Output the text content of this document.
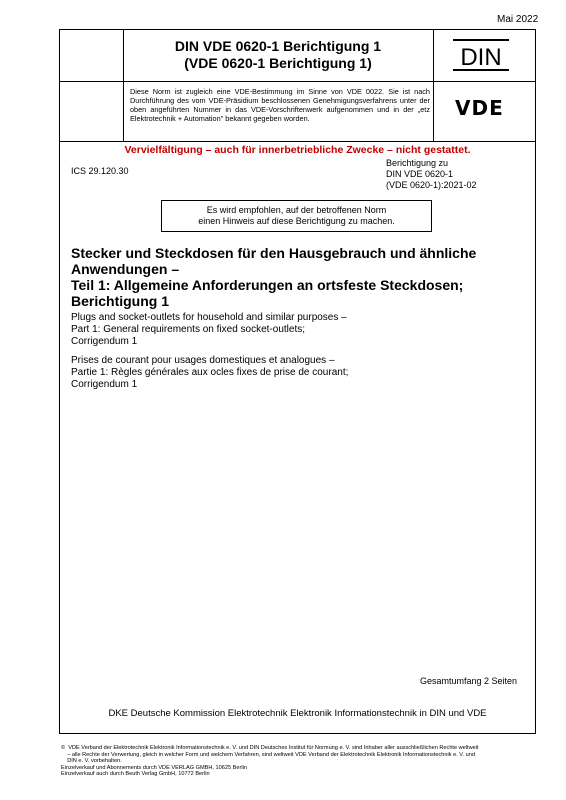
Mai 2022
DIN VDE 0620-1 Berichtigung 1
(VDE 0620-1 Berichtigung 1)
Diese Norm ist zugleich eine VDE-Bestimmung im Sinne von VDE 0022. Sie ist nach Durchführung des vom VDE-Präsidium beschlossenen Genehmigungsverfahrens unter der oben angeführten Nummer in das VDE-Vorschriftenwerk aufgenommen und in der „etz Elektrotechnik + Automation" bekannt gegeben worden.
DIN
VDE
Vervielfältigung – auch für innerbetriebliche Zwecke – nicht gestattet.
ICS 29.120.30
Berichtigung zu
DIN VDE 0620-1
(VDE 0620-1):2021-02
Es wird empfohlen, auf der betroffenen Norm
einen Hinweis auf diese Berichtigung zu machen.
Stecker und Steckdosen für den Hausgebrauch und ähnliche
Anwendungen –
Teil 1: Allgemeine Anforderungen an ortsfeste Steckdosen;
Berichtigung 1
Plugs and socket-outlets for household and similar purposes –
Part 1: General requirements on fixed socket-outlets;
Corrigendum 1
Prises de courant pour usages domestiques et analogues –
Partie 1: Règles générales aux ocles fixes de prise de courant;
Corrigendum 1
Gesamtumfang 2 Seiten
DKE Deutsche Kommission Elektrotechnik Elektronik Informationstechnik in DIN und VDE
©  VDE Verband der Elektrotechnik Elektronik Informationstechnik e. V. und DIN Deutsches Institut für Normung e. V. sind Inhaber aller ausschließlichen Rechte weltweit
– alle Rechte der Verwertung, gleich in welcher Form und welchem Verfahren, sind weltweit VDE Verband der Elektrotechnik Elektronik Informationstechnik e. V. und
DIN e. V. vorbehalten.
Einzelverkauf und Abonnements durch VDE VERLAG GMBH, 10625 Berlin
Einzelverkauf auch durch Beuth Verlag GmbH, 10772 Berlin
